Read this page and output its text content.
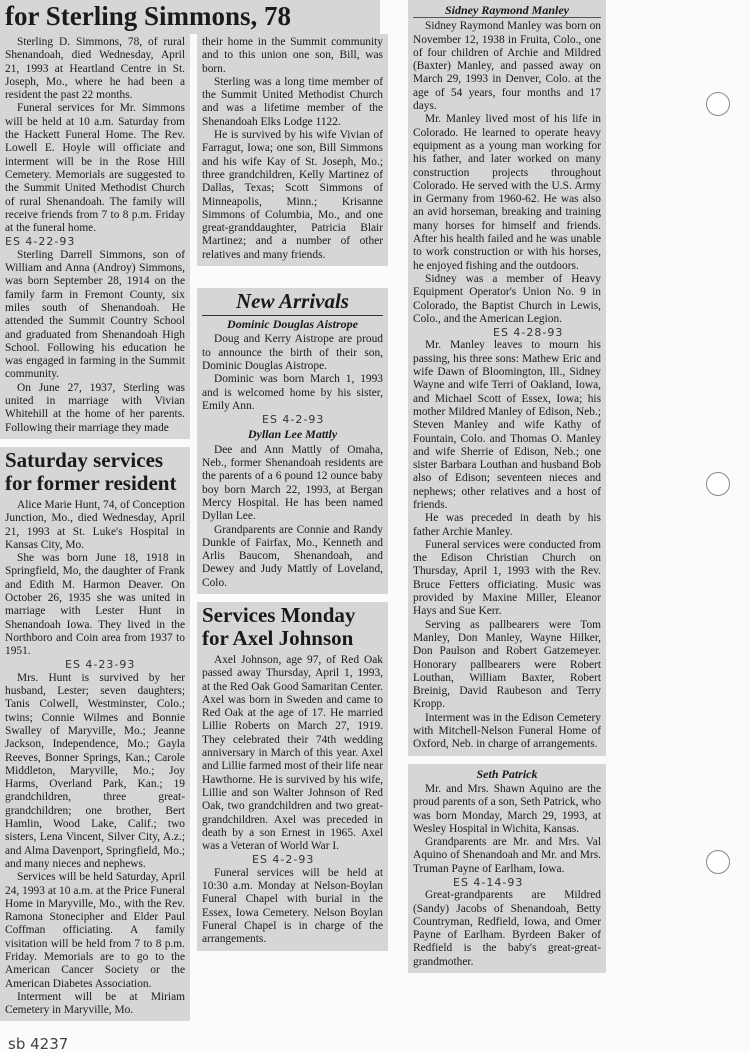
for Sterling Simmons, 78

Sterling D. Simmons, 78, of rural Shenandoah, died Wednesday, April 21, 1993 at Heartland Centre in St. Joseph, Mo., where he had been a resident the past 22 months.

Funeral services for Mr. Simmons will be held at 10 a.m. Saturday from the Hackett Funeral Home. The Rev. Lowell E. Hoyle will officiate and interment will be in the Rose Hill Cemetery. Memorials are suggested to the Summit United Methodist Church of rural Shenandoah. The family will receive friends from 7 to 8 p.m. Friday at the funeral home.

ES 4-22-93

Sterling Darrell Simmons, son of William and Anna (Androy) Simmons, was born September 28, 1914 on the family farm in Fremont County, six miles south of Shenandoah. He attended the Summit Country School and graduated from Shenandoah High School. Following his education he was engaged in farming in the Summit community.

On June 27, 1937, Sterling was united in marriage with Vivian Whitehill at the home of her parents. Following their marriage they made

Saturday services for former resident

Alice Marie Hunt, 74, of Conception Junction, Mo., died Wednesday, April 21, 1993 at St. Luke's Hospital in Kansas City, Mo.

She was born June 18, 1918 in Springfield, Mo, the daughter of Frank and Edith M. Harmon Deaver. On October 26, 1935 she was united in marriage with Lester Hunt in Shenandoah Iowa. They lived in the Northboro and Coin area from 1937 to 1951.

ES 4-23-93

Mrs. Hunt is survived by her husband, Lester; seven daughters; Tanis Colwell, Westminster, Colo.; twins; Connie Wilmes and Bonnie Swalley of Maryville, Mo.; Jeanne Jackson, Independence, Mo.; Gayla Reeves, Bonner Springs, Kan.; Carole Middleton, Maryville, Mo.; Joy Harms, Overland Park, Kan.; 19 grandchildren, three great-grandchildren; one brother, Bert Hamlin, Wood Lake, Calif.; two sisters, Lena Vincent, Silver City, A.z.; and Alma Davenport, Springfield, Mo.; and many nieces and nephews.

Services will be held Saturday, April 24, 1993 at 10 a.m. at the Price Funeral Home in Maryville, Mo., with the Rev. Ramona Stonecipher and Elder Paul Coffman officiating. A family visitation will be held from 7 to 8 p.m. Friday. Memorials are to go to the American Cancer Society or the American Diabetes Association.

Interment will be at Miriam Cemetery in Maryville, Mo.

sb 4237

their home in the Summit community and to this union one son, Bill, was born.

Sterling was a long time member of the Summit United Methodist Church and was a lifetime member of the Shenandoah Elks Lodge 1122.

He is survived by his wife Vivian of Farragut, Iowa; one son, Bill Simmons and his wife Kay of St. Joseph, Mo.; three grandchildren, Kelly Martinez of Dallas, Texas; Scott Simmons of Minneapolis, Minn.; Krisanne Simmons of Columbia, Mo., and one great-granddaughter, Patricia Blair Martinez; and a number of other relatives and many friends.

New Arrivals
Dominic Douglas Aistrope

Doug and Kerry Aistrope are proud to announce the birth of their son, Dominic Douglas Aistrope.

Dominic was born March 1, 1993 and is welcomed home by his sister, Emily Ann.

ES 4-2-93
Dyllan Lee Mattly

Dee and Ann Mattly of Omaha, Neb., former Shenandoah residents are the parents of a 6 pound 12 ounce baby boy born March 22, 1993, at Bergan Mercy Hospital. He has been named Dyllan Lee.

Grandparents are Connie and Randy Dunkle of Fairfax, Mo., Kenneth and Arlis Baucom, Shenandoah, and Dewey and Judy Mattly of Loveland, Colo.

Services Monday for Axel Johnson

Axel Johnson, age 97, of Red Oak passed away Thursday, April 1, 1993, at the Red Oak Good Samaritan Center. Axel was born in Sweden and came to Red Oak at the age of 17. He married Lillie Roberts on March 27, 1919. They celebrated their 74th wedding anniversary in March of this year. Axel and Lillie farmed most of their life near Hawthorne. He is survived by his wife, Lillie and son Walter Johnson of Red Oak, two grandchildren and two great-grandchildren. Axel was preceded in death by a son Ernest in 1965. Axel was a Veteran of World War I.

ES 4-2-93

Funeral services will be held at 10:30 a.m. Monday at Nelson-Boylan Funeral Chapel with burial in the Essex, Iowa Cemetery. Nelson Boylan Funeral Chapel is in charge of the arrangements.

Sidney Raymond Manley

Sidney Raymond Manley was born on November 12, 1938 in Fruita, Colo., one of four children of Archie and Mildred (Baxter) Manley, and passed away on March 29, 1993 in Denver, Colo. at the age of 54 years, four months and 17 days.

Mr. Manley lived most of his life in Colorado. He learned to operate heavy equipment as a young man working for his father, and later worked on many construction projects throughout Colorado. He served with the U.S. Army in Germany from 1960-62. He was also an avid horseman, breaking and training many horses for himself and friends. After his health failed and he was unable to work construction or with his horses, he enjoyed fishing and the outdoors.

Sidney was a member of Heavy Equipment Operator's Union No. 9 in Colorado, the Baptist Church in Lewis, Colo., and the American Legion.

ES 4-28-93

Mr. Manley leaves to mourn his passing, his three sons: Mathew Eric and wife Dawn of Bloomington, Ill., Sidney Wayne and wife Terri of Oakland, Iowa, and Michael Scott of Essex, Iowa; his mother Mildred Manley of Edison, Neb.; Steven Manley and wife Kathy of Fountain, Colo. and Thomas O. Manley and wife Sherrie of Edison, Neb.; one sister Barbara Louthan and husband Bob also of Edison; seventeen nieces and nephews; other relatives and a host of friends.

He was preceded in death by his father Archie Manley.

Funeral services were conducted from the Edison Christian Church on Thursday, April 1, 1993 with the Rev. Bruce Fetters officiating. Music was provided by Maxine Miller, Eleanor Hays and Sue Kerr.

Serving as pallbearers were Tom Manley, Don Manley, Wayne Hilker, Don Paulson and Robert Gatzemeyer. Honorary pallbearers were Robert Louthan, William Baxter, Robert Breinig, David Raubeson and Terry Kropp.

Interment was in the Edison Cemetery with Mitchell-Nelson Funeral Home of Oxford, Neb. in charge of arrangements.

Seth Patrick

Mr. and Mrs. Shawn Aquino are the proud parents of a son, Seth Patrick, who was born Monday, March 29, 1993, at Wesley Hospital in Wichita, Kansas.

Grandparents are Mr. and Mrs. Val Aquino of Shenandoah and Mr. and Mrs. Truman Payne of Earlham, Iowa.

ES 4-14-93

Great-grandparents are Mildred (Sandy) Jacobs of Shenandoah, Betty Countryman, Redfield, Iowa, and Omer Payne of Earlham. Byrdeen Baker of Redfield is the baby's great-great-grandmother.
